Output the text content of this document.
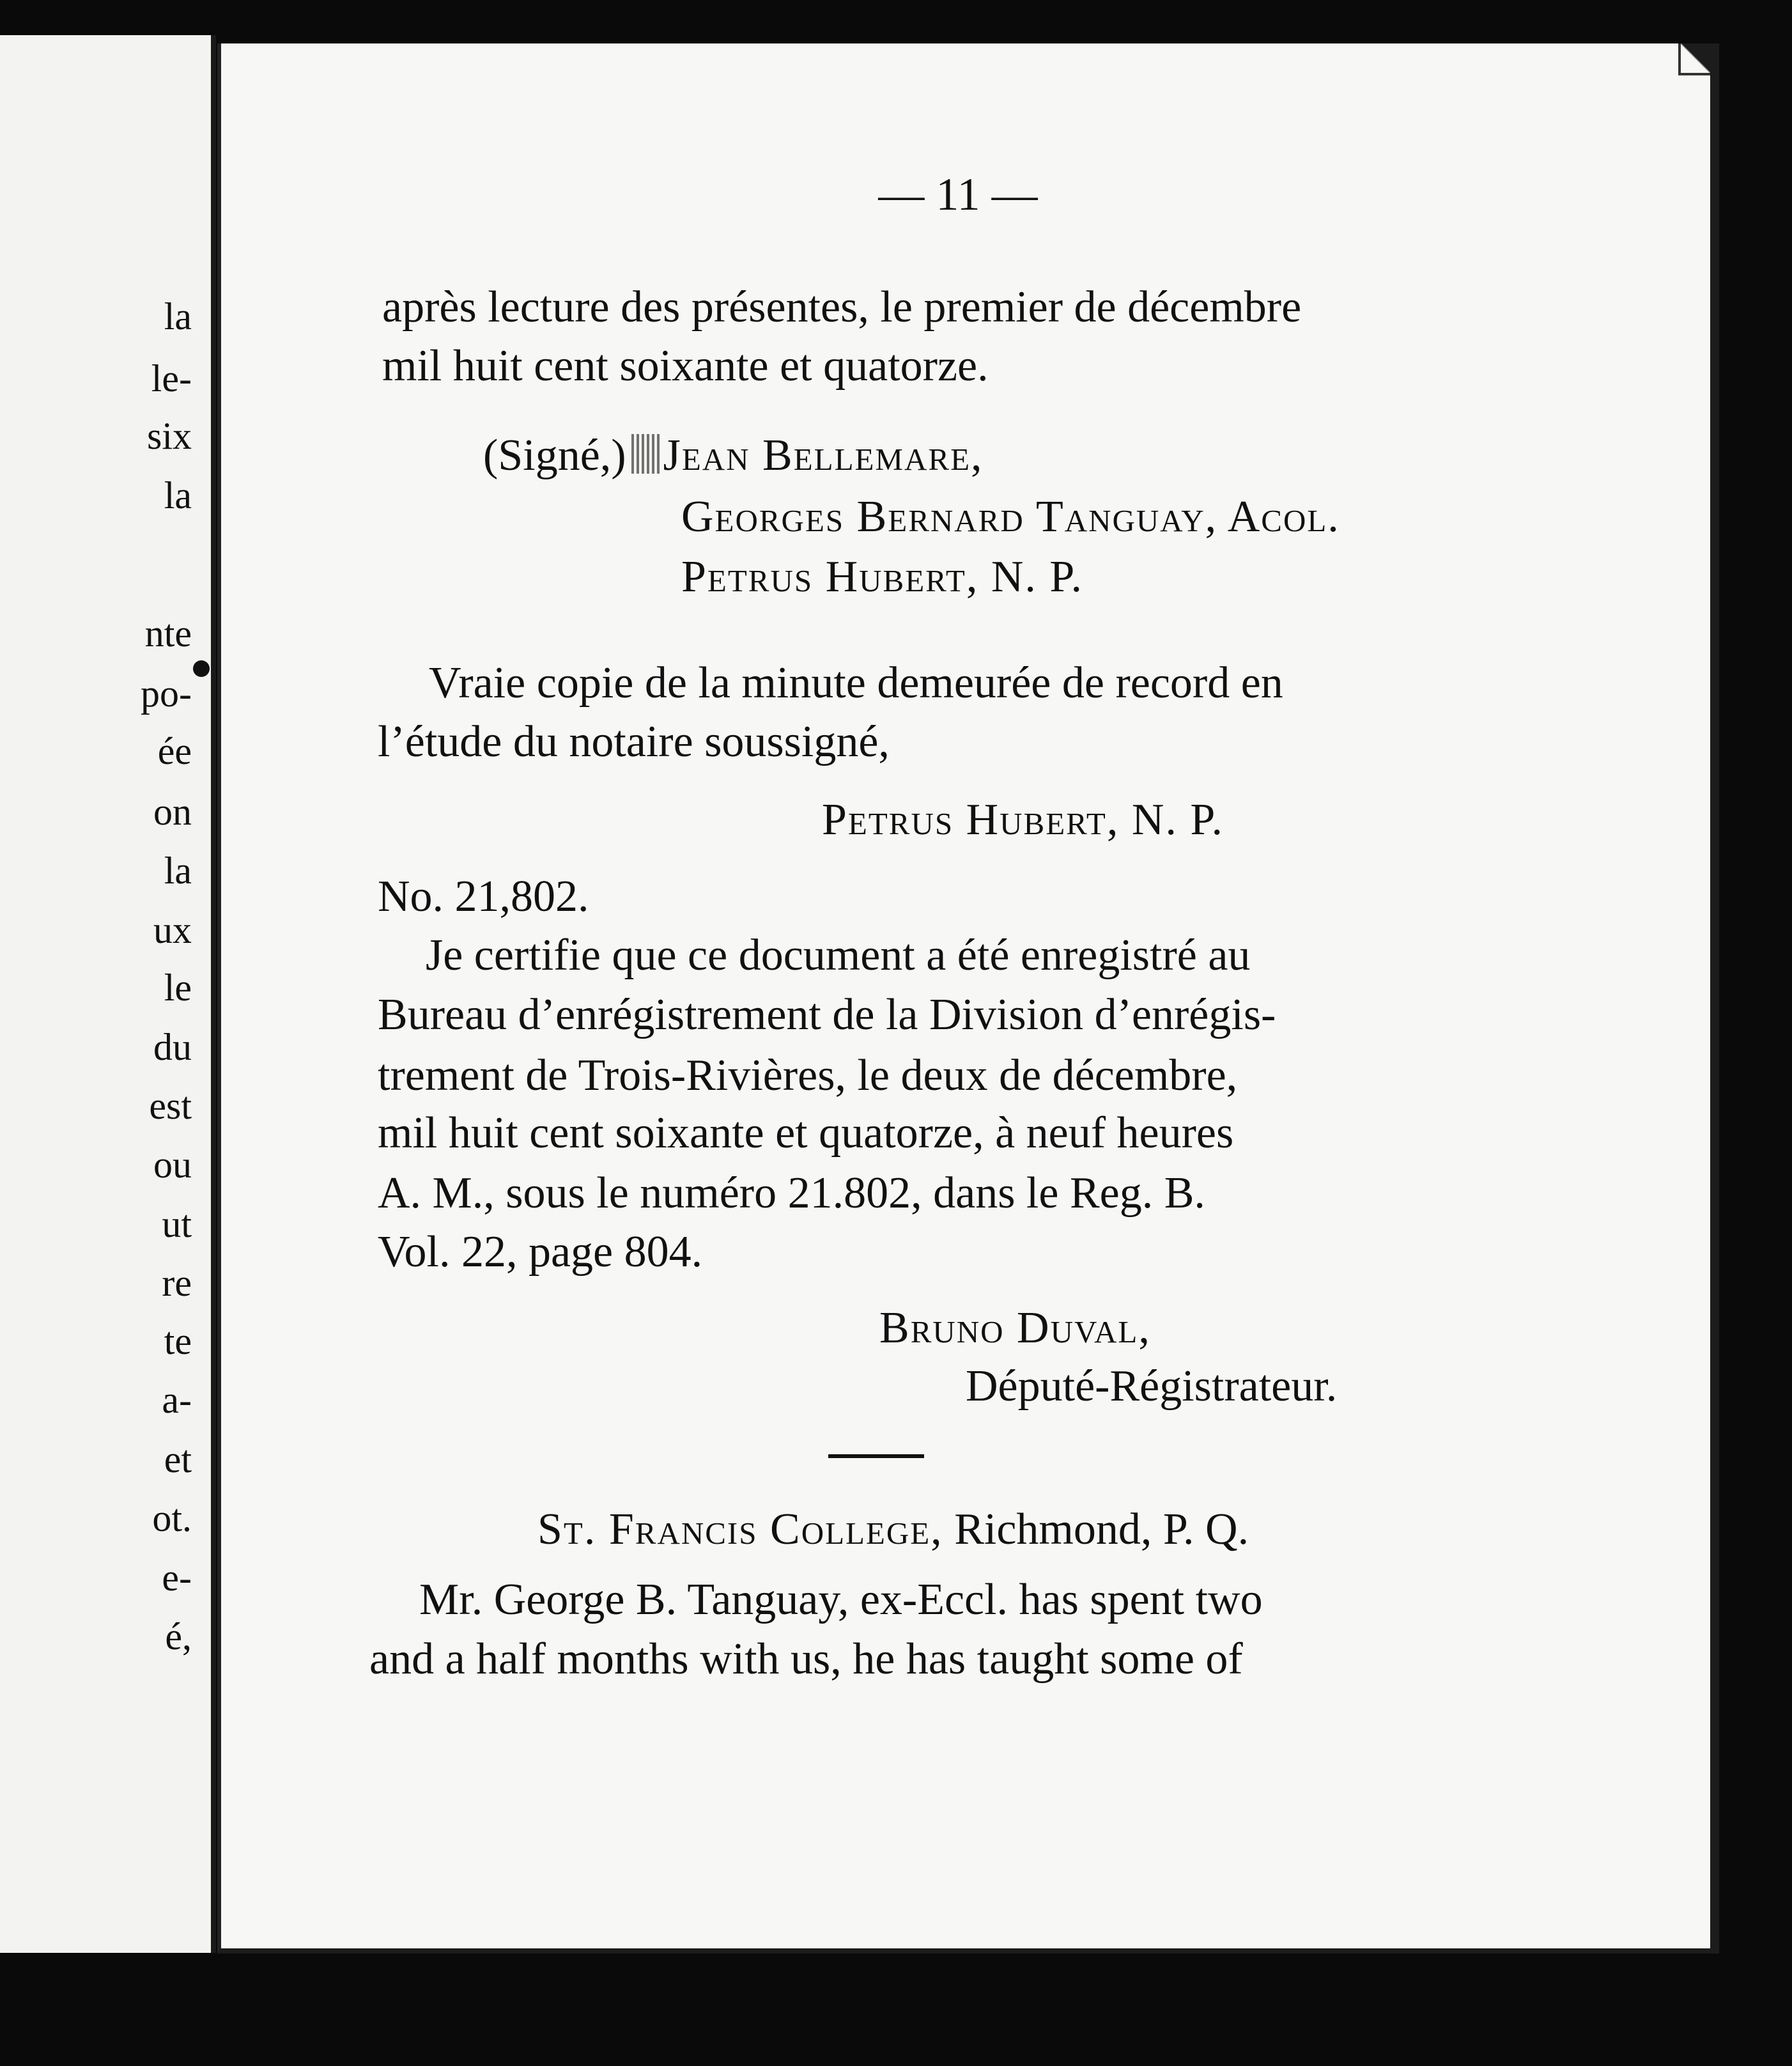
la
le-
six
la
nte
po-
ée
on
la
ux
le
du
est
ou
ut
re
te
a-
et
ot.
e-
é,
— 11 —
après lecture des présentes, le premier de décembre
mil huit cent soixante et quatorze.
(Signé,) Jean Bellemare,
Georges Bernard Tanguay, Acol.
Petrus Hubert, N. P.
Vraie copie de la minute demeurée de record en
l’étude du notaire soussigné,
Petrus Hubert, N. P.
No. 21,802.
Je certifie que ce document a été enregistré au
Bureau d’enrégistrement de la Division d’enrégis-
trement de Trois-Rivières, le deux de décembre,
mil huit cent soixante et quatorze, à neuf heures
A. M., sous le numéro 21.802, dans le Reg. B.
Vol. 22, page 804.
Bruno Duval,
Député-Régistrateur.
St. Francis College, Richmond, P. Q.
Mr. George B. Tanguay, ex-Eccl. has spent two
and a half months with us, he has taught some of
